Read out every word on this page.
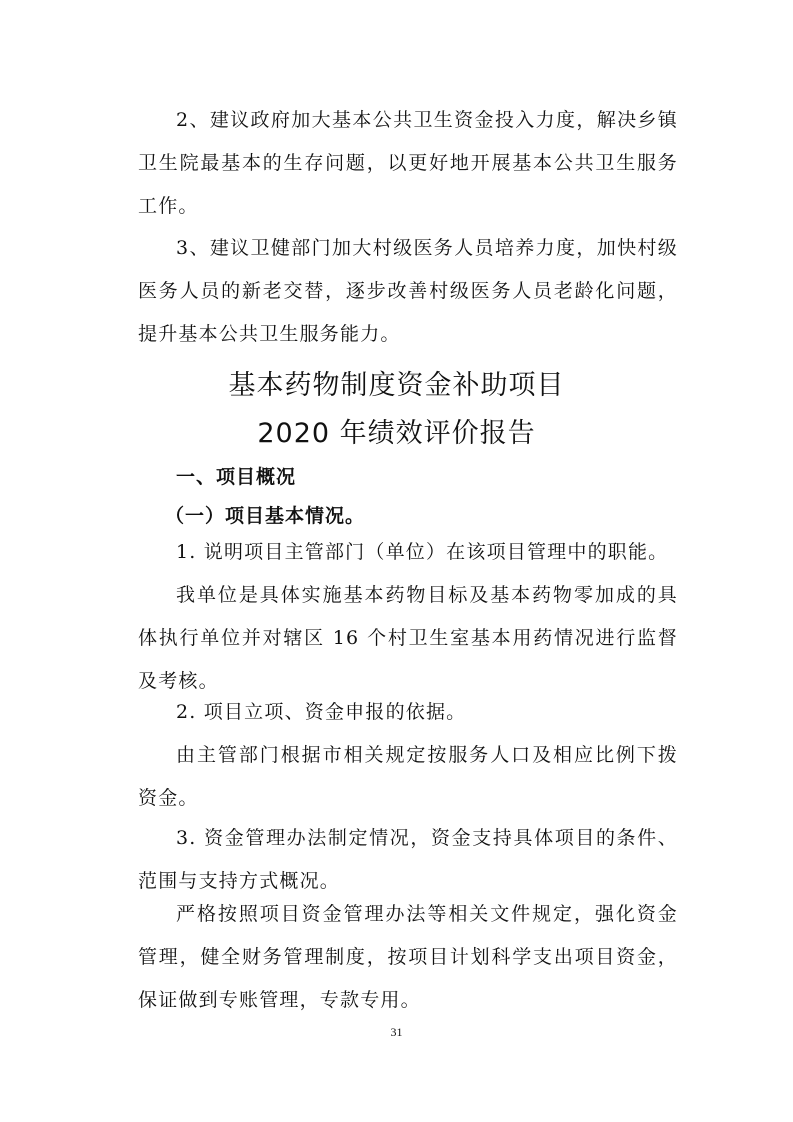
2、建议政府加大基本公共卫生资金投入力度，解决乡镇卫生院最基本的生存问题，以更好地开展基本公共卫生服务工作。

3、建议卫健部门加大村级医务人员培养力度，加快村级医务人员的新老交替，逐步改善村级医务人员老龄化问题，提升基本公共卫生服务能力。

基本药物制度资金补助项目
2020 年绩效评价报告
一、项目概况
（一）项目基本情况。

1. 说明项目主管部门（单位）在该项目管理中的职能。

我单位是具体实施基本药物目标及基本药物零加成的具体执行单位并对辖区 16 个村卫生室基本用药情况进行监督及考核。

2. 项目立项、资金申报的依据。

由主管部门根据市相关规定按服务人口及相应比例下拨资金。

3. 资金管理办法制定情况，资金支持具体项目的条件、范围与支持方式概况。

严格按照项目资金管理办法等相关文件规定，强化资金管理，健全财务管理制度，按项目计划科学支出项目资金，保证做到专账管理，专款专用。

31
